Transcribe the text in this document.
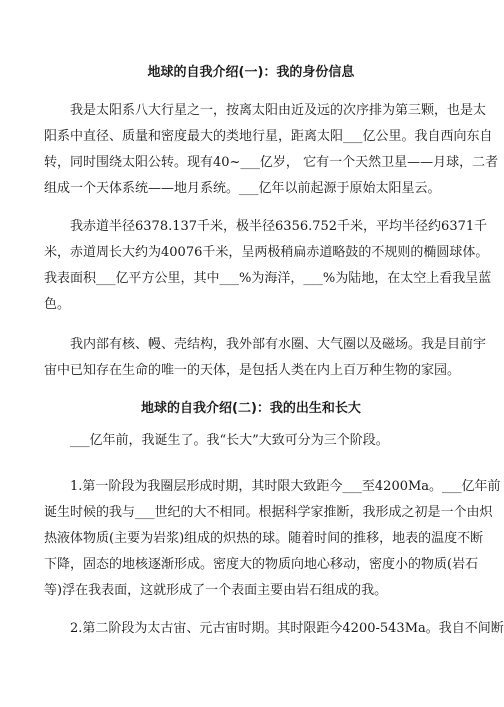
地球的自我介绍(一)：我的身份信息
我是太阳系八大行星之一，按离太阳由近及远的次序排为第三颗，也是太
阳系中直径、质量和密度最大的类地行星，距离太阳___亿公里。我自西向东自
转，同时围绕太阳公转。现有40~___亿岁， 它有一个天然卫星——月球，二者
组成一个天体系统——地月系统。___亿年以前起源于原始太阳星云。
我赤道半径6378.137千米，极半径6356.752千米，平均半径约6371千
米，赤道周长大约为40076千米，呈两极稍扁赤道略鼓的不规则的椭圆球体。
我表面积___亿平方公里，其中___%为海洋，___%为陆地，在太空上看我呈蓝
色。
我内部有核、幔、壳结构，我外部有水圈、大气圈以及磁场。我是目前宇
宙中已知存在生命的唯一的天体，是包括人类在内上百万种生物的家园。
地球的自我介绍(二)：我的出生和长大
___亿年前，我诞生了。我“长大”大致可分为三个阶段。
1.第一阶段为我圈层形成时期，其时限大致距今___至4200Ma。___亿年前
诞生时候的我与___世纪的大不相同。根据科学家推断，我形成之初是一个由炽
热液体物质(主要为岩浆)组成的炽热的球。随着时间的推移，地表的温度不断
下降，固态的地核逐渐形成。密度大的物质向地心移动，密度小的物质(岩石
等)浮在我表面，这就形成了一个表面主要由岩石组成的我。
2.第二阶段为太古宙、元古宙时期。其时限距今4200-543Ma。我自不间断
